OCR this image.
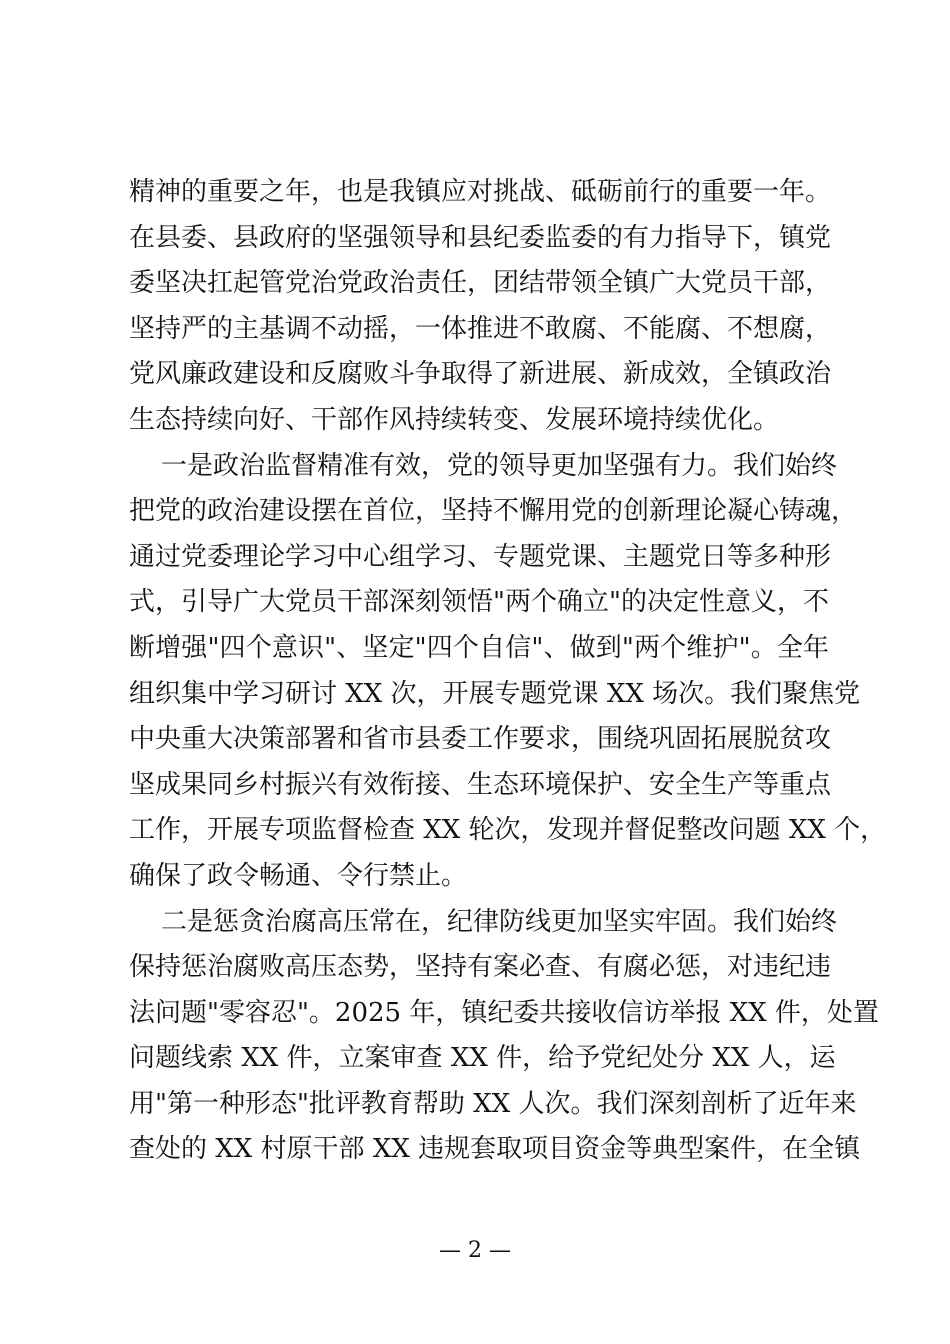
精神的重要之年，也是我镇应对挑战、砥砺前行的重要一年。
在县委、县政府的坚强领导和县纪委监委的有力指导下，镇党
委坚决扛起管党治党政治责任，团结带领全镇广大党员干部，
坚持严的主基调不动摇，一体推进不敢腐、不能腐、不想腐，
党风廉政建设和反腐败斗争取得了新进展、新成效，全镇政治
生态持续向好、干部作风持续转变、发展环境持续优化。
一是政治监督精准有效，党的领导更加坚强有力。我们始终
把党的政治建设摆在首位，坚持不懈用党的创新理论凝心铸魂，
通过党委理论学习中心组学习、专题党课、主题党日等多种形
式，引导广大党员干部深刻领悟"两个确立"的决定性意义，不
断增强"四个意识"、坚定"四个自信"、做到"两个维护"。全年
组织集中学习研讨 XX 次，开展专题党课 XX 场次。我们聚焦党
中央重大决策部署和省市县委工作要求，围绕巩固拓展脱贫攻
坚成果同乡村振兴有效衔接、生态环境保护、安全生产等重点
工作，开展专项监督检查 XX 轮次，发现并督促整改问题 XX 个，
确保了政令畅通、令行禁止。
二是惩贪治腐高压常在，纪律防线更加坚实牢固。我们始终
保持惩治腐败高压态势，坚持有案必查、有腐必惩，对违纪违
法问题"零容忍"。2025 年，镇纪委共接收信访举报 XX 件，处置
问题线索 XX 件，立案审查 XX 件，给予党纪处分 XX 人，运
用"第一种形态"批评教育帮助 XX 人次。我们深刻剖析了近年来
查处的 XX 村原干部 XX 违规套取项目资金等典型案件，在全镇
— 2 —
